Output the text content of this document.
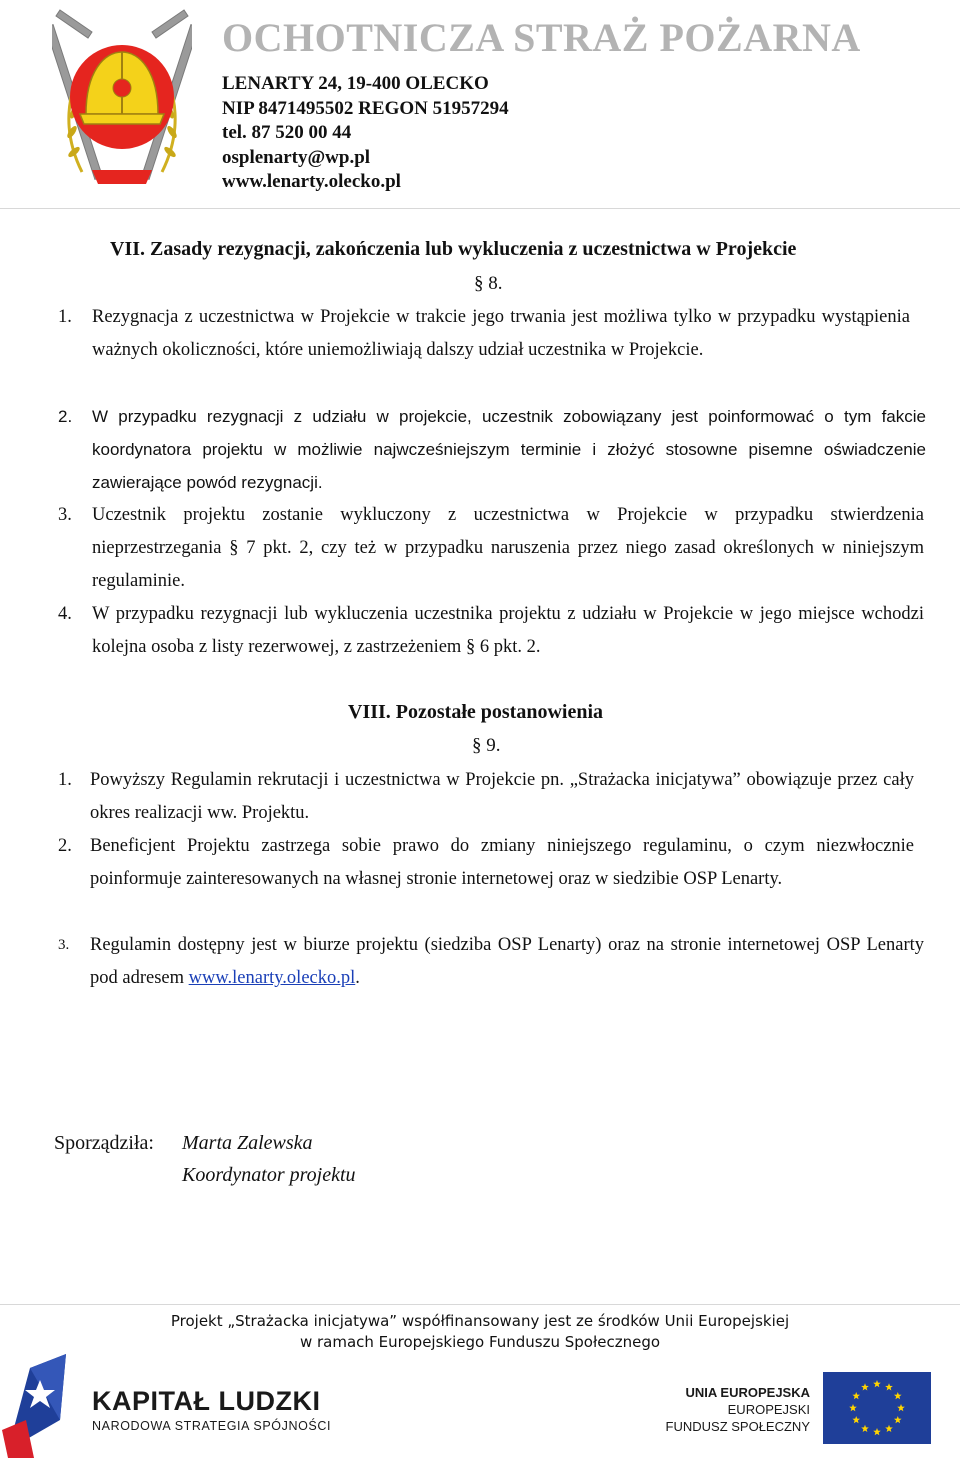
OCHOTNICZA STRAŻ POŻARNA
LENARTY 24, 19-400 OLECKO
NIP 8471495502 REGON 51957294
tel. 87 520 00 44
osplenarty@wp.pl
www.lenarty.olecko.pl
VII. Zasady rezygnacji, zakończenia lub wykluczenia z uczestnictwa w Projekcie
§ 8.
1. Rezygnacja z uczestnictwa w Projekcie w trakcie jego trwania jest możliwa tylko w przypadku wystąpienia ważnych okoliczności, które uniemożliwiają dalszy udział uczestnika w Projekcie.
2. W przypadku rezygnacji z udziału w projekcie, uczestnik zobowiązany jest poinformować o tym fakcie koordynatora projektu w możliwie najwcześniejszym terminie i złożyć stosowne pisemne oświadczenie zawierające powód rezygnacji.
3. Uczestnik projektu zostanie wykluczony z uczestnictwa w Projekcie w przypadku stwierdzenia nieprzestrzegania § 7 pkt. 2, czy też w przypadku naruszenia przez niego zasad określonych w niniejszym regulaminie.
4. W przypadku rezygnacji lub wykluczenia uczestnika projektu z udziału w Projekcie w jego miejsce wchodzi kolejna osoba z listy rezerwowej, z zastrzeżeniem § 6 pkt. 2.
VIII. Pozostałe postanowienia
§ 9.
1. Powyższy Regulamin rekrutacji i uczestnictwa w Projekcie pn. „Strażacka inicjatywa” obowiązuje przez cały okres realizacji ww. Projektu.
2. Beneficjent Projektu zastrzega sobie prawo do zmiany niniejszego regulaminu, o czym niezwłocznie poinformuje zainteresowanych na własnej stronie internetowej oraz w siedzibie OSP Lenarty.
3. Regulamin dostępny jest w biurze projektu (siedziba OSP Lenarty) oraz na stronie internetowej OSP Lenarty pod adresem www.lenarty.olecko.pl.
Sporządziła: Marta Zalewska
Koordynator projektu
Projekt „Strażacka inicjatywa” współfinansowany jest ze środków Unii Europejskiej
w ramach Europejskiego Funduszu Społecznego
KAPITAŁ LUDZKI
NARODOWA STRATEGIA SPÓJNOŚCI
UNIA EUROPEJSKA
EUROPEJSKI
FUNDUSZ SPOŁECZNY
